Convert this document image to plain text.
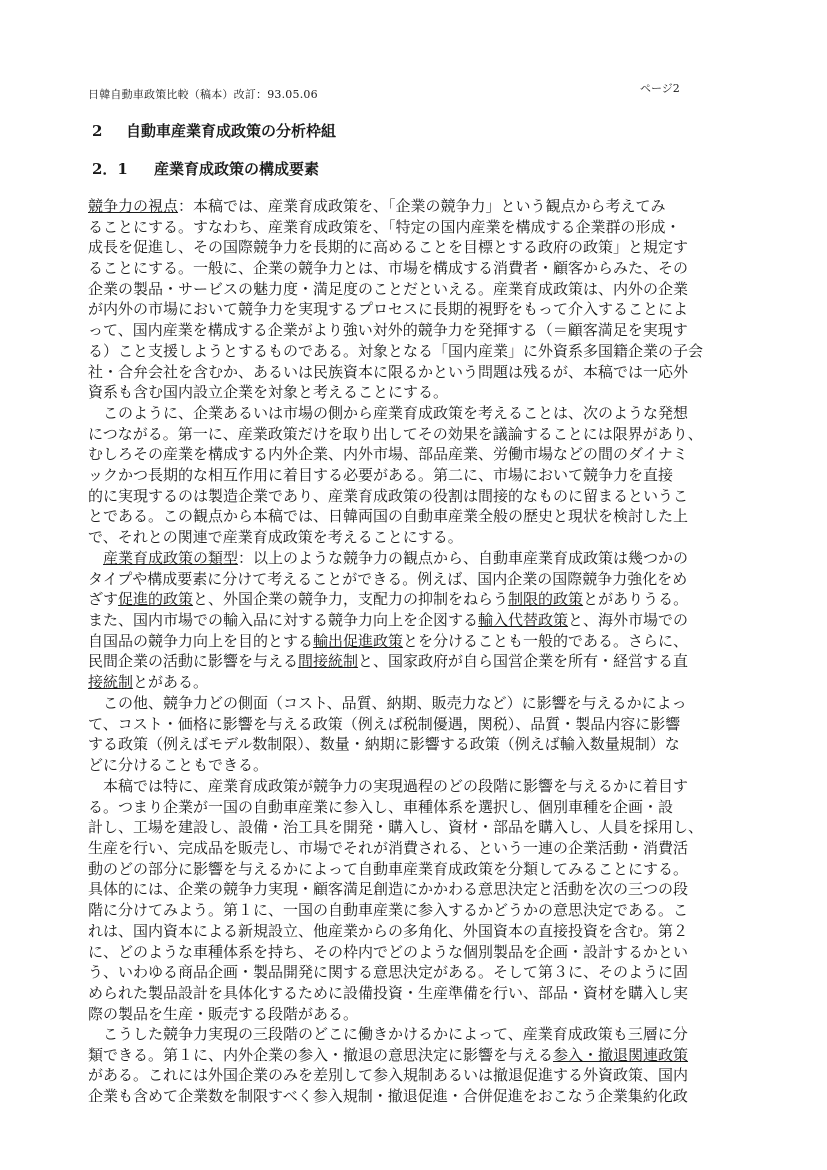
日韓自動車政策比較（稿本）改訂：93.05.06	ページ2
2 自動車産業育成政策の分析枠組
2．1 産業育成政策の構成要素
競争力の視点：本稿では、産業育成政策を、「企業の競争力」という観点から考えてみ
ることにする。すなわち、産業育成政策を、「特定の国内産業を構成する企業群の形成・
成長を促進し、その国際競争力を長期的に高めることを目標とする政府の政策」と規定す
ることにする。一般に、企業の競争力とは、市場を構成する消費者・顧客からみた、その
企業の製品・サービスの魅力度・満足度のことだといえる。産業育成政策は、内外の企業
が内外の市場において競争力を実現するプロセスに長期的視野をもって介入することによ
って、国内産業を構成する企業がより強い対外的競争力を発揮する（＝顧客満足を実現す
る）こと支援しようとするものである。対象となる「国内産業」に外資系多国籍企業の子会
社・合弁会社を含むか、あるいは民族資本に限るかという問題は残るが、本稿では一応外
資系も含む国内設立企業を対象と考えることにする。
　このように、企業あるいは市場の側から産業育成政策を考えることは、次のような発想
につながる。第一に、産業政策だけを取り出してその効果を議論することには限界があり、
むしろその産業を構成する内外企業、内外市場、部品産業、労働市場などの間のダイナミ
ックかつ長期的な相互作用に着目する必要がある。第二に、市場において競争力を直接
的に実現するのは製造企業であり、産業育成政策の役割は間接的なものに留まるというこ
とである。この観点から本稿では、日韓両国の自動車産業全般の歴史と現状を検討した上
で、それとの関連で産業育成政策を考えることにする。
　産業育成政策の類型：以上のような競争力の観点から、自動車産業育成政策は幾つかの
タイプや構成要素に分けて考えることができる。例えば、国内企業の国際競争力強化をめ
ざす促進的政策と、外国企業の競争力，支配力の抑制をねらう制限的政策とがありうる。
また、国内市場での輸入品に対する競争力向上を企図する輸入代替政策と、海外市場での
自国品の競争力向上を目的とする輸出促進政策とを分けることも一般的である。さらに、
民間企業の活動に影響を与える間接統制と、国家政府が自ら国営企業を所有・経営する直
接統制とがある。
　この他、競争力どの側面（コスト、品質、納期、販売力など）に影響を与えるかによっ
て、コスト・価格に影響を与える政策（例えば税制優遇，関税）、品質・製品内容に影響
する政策（例えばモデル数制限）、数量・納期に影響する政策（例えば輸入数量規制）な
どに分けることもできる。
　本稿では特に、産業育成政策が競争力の実現過程のどの段階に影響を与えるかに着目す
る。つまり企業が一国の自動車産業に参入し、車種体系を選択し、個別車種を企画・設
計し、工場を建設し、設備・治工具を開発・購入し、資材・部品を購入し、人員を採用し、
生産を行い、完成品を販売し、市場でそれが消費される、という一連の企業活動・消費活
動のどの部分に影響を与えるかによって自動車産業育成政策を分類してみることにする。
具体的には、企業の競争力実現・顧客満足創造にかかわる意思決定と活動を次の三つの段
階に分けてみよう。第１に、一国の自動車産業に参入するかどうかの意思決定である。こ
れは、国内資本による新規設立、他産業からの多角化、外国資本の直接投資を含む。第２
に、どのような車種体系を持ち、その枠内でどのような個別製品を企画・設計するかとい
う、いわゆる商品企画・製品開発に関する意思決定がある。そして第３に、そのように固
められた製品設計を具体化するために設備投資・生産準備を行い、部品・資材を購入し実
際の製品を生産・販売する段階がある。
　こうした競争力実現の三段階のどこに働きかけるかによって、産業育成政策も三層に分
類できる。第１に、内外企業の参入・撤退の意思決定に影響を与える参入・撤退関連政策
がある。これには外国企業のみを差別して参入規制あるいは撤退促進する外資政策、国内
企業も含めて企業数を制限すべく参入規制・撤退促進・合併促進をおこなう企業集約化政
